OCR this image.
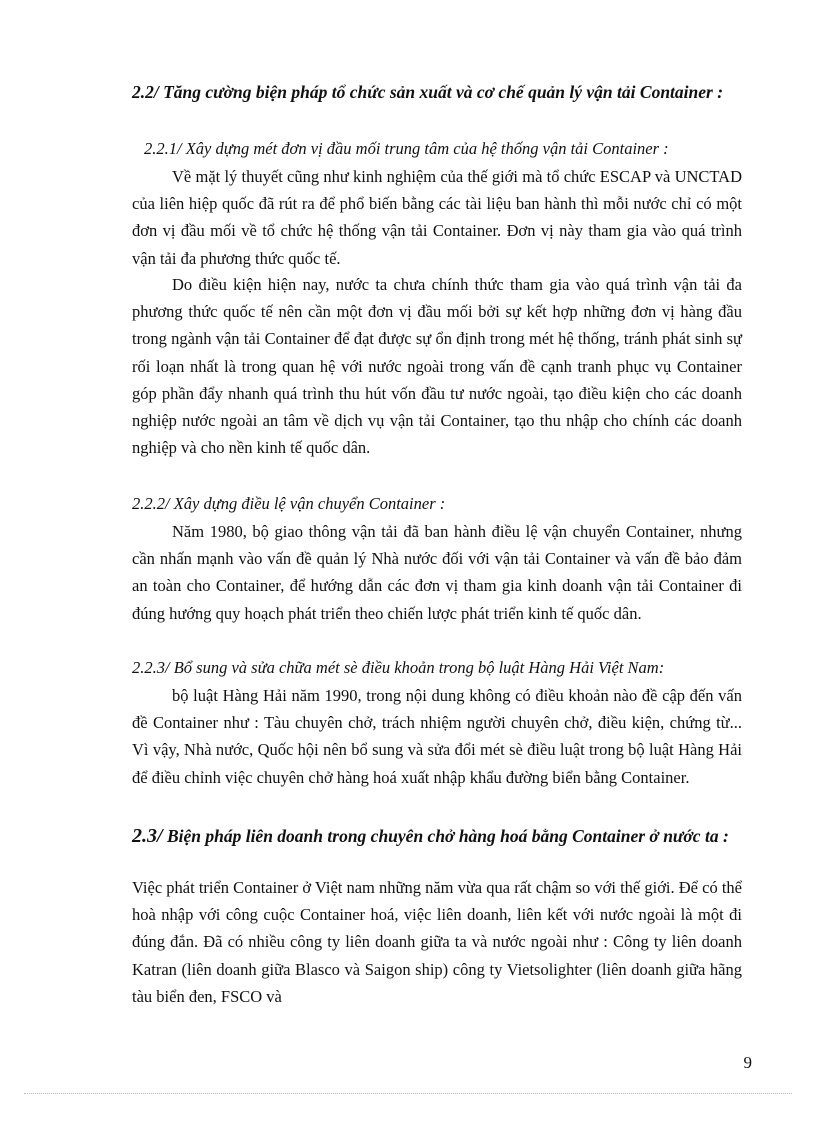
2.2/ Tăng cường biện pháp tổ chức sản xuất và cơ chế quản lý vận tải Container :
2.2.1/ Xây dựng mét đơn vị đầu mối trung tâm của hệ thống vận tải Container :
Về mặt lý thuyết cũng như kinh nghiệm của thế giới mà tổ chức ESCAP và UNCTAD của liên hiệp quốc đã rút ra để phổ biến bằng các tài liệu ban hành thì mỗi nước chỉ có một đơn vị đầu mối về tổ chức hệ thống vận tải Container. Đơn vị này tham gia vào quá trình vận tải đa phương thức quốc tế.
Do điều kiện hiện nay, nước ta chưa chính thức tham gia vào quá trình vận tải đa phương thức quốc tế nên cần một đơn vị đầu mối bởi sự kết hợp những đơn vị hàng đầu trong ngành vận tải Container để đạt được sự ổn định trong mét hệ thống, tránh phát sinh sự rối loạn nhất là trong quan hệ với nước ngoài trong vấn đề cạnh tranh phục vụ Container góp phần đẩy nhanh quá trình thu hút vốn đầu tư nước ngoài, tạo điều kiện cho các doanh nghiệp nước ngoài an tâm về dịch vụ vận tải Container, tạo thu nhập cho chính các doanh nghiệp và cho nền kinh tế quốc dân.
2.2.2/ Xây dựng điều lệ vận chuyển Container :
Năm 1980, bộ giao thông vận tải đã ban hành điều lệ vận chuyển Container, nhưng cần nhấn mạnh vào vấn đề quản lý Nhà nước đối với vận tải Container và vấn đề bảo đảm an toàn cho Container, để hướng dẫn các đơn vị tham gia kinh doanh vận tải Container đi đúng hướng quy hoạch phát triển theo chiến lược phát triển kinh tế quốc dân.
2.2.3/ Bổ sung và sửa chữa mét sè điều khoản trong bộ luật Hàng Hải Việt Nam:
bộ luật Hàng Hải năm 1990, trong nội dung không có điều khoản nào đề cập đến vấn đề Container như : Tàu chuyên chở, trách nhiệm người chuyên chở, điều kiện, chứng từ... Vì vậy, Nhà nước, Quốc hội nên bổ sung và sửa đổi mét sè điều luật trong bộ luật Hàng Hải để điều chỉnh việc chuyên chở hàng hoá xuất nhập khẩu đường biển bằng Container.
2.3/ Biện pháp liên doanh trong chuyên chở hàng hoá bằng Container ở nước ta :
Việc phát triển Container ở Việt nam những năm vừa qua rất chậm so với thế giới. Để có thể hoà nhập với công cuộc Container hoá, việc liên doanh, liên kết với nước ngoài là một đi đúng đắn. Đã có nhiều công ty liên doanh giữa ta và nước ngoài như : Công ty liên doanh Katran (liên doanh giữa Blasco và Saigon ship) công ty Vietsolighter (liên doanh giữa hãng tàu biển đen, FSCO và
9
